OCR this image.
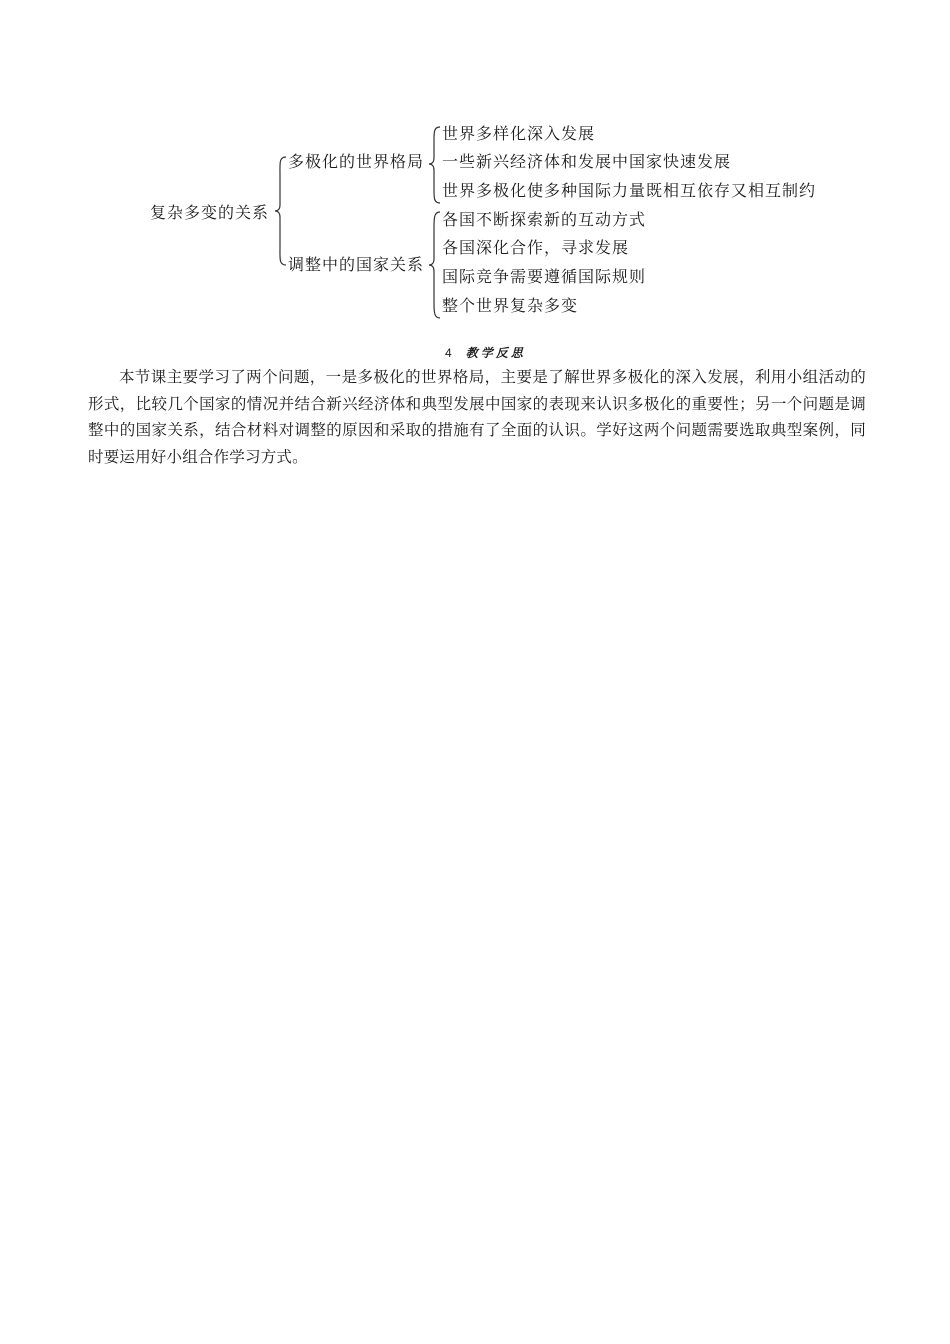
复杂多变的关系
多极化的世界格局
调整中的国家关系
世界多样化深入发展
一些新兴经济体和发展中国家快速发展
世界多极化使多种国际力量既相互依存又相互制约
各国不断探索新的互动方式
各国深化合作，寻求发展
国际竞争需要遵循国际规则
整个世界复杂多变
4 教学反思

本节课主要学习了两个问题，一是多极化的世界格局，主要是了解世界多极化的深入发展，利用小组活动的形式，比较几个国家的情况并结合新兴经济体和典型发展中国家的表现来认识多极化的重要性；另一个问题是调整中的国家关系，结合材料对调整的原因和采取的措施有了全面的认识。学好这两个问题需要选取典型案例，同时要运用好小组合作学习方式。
